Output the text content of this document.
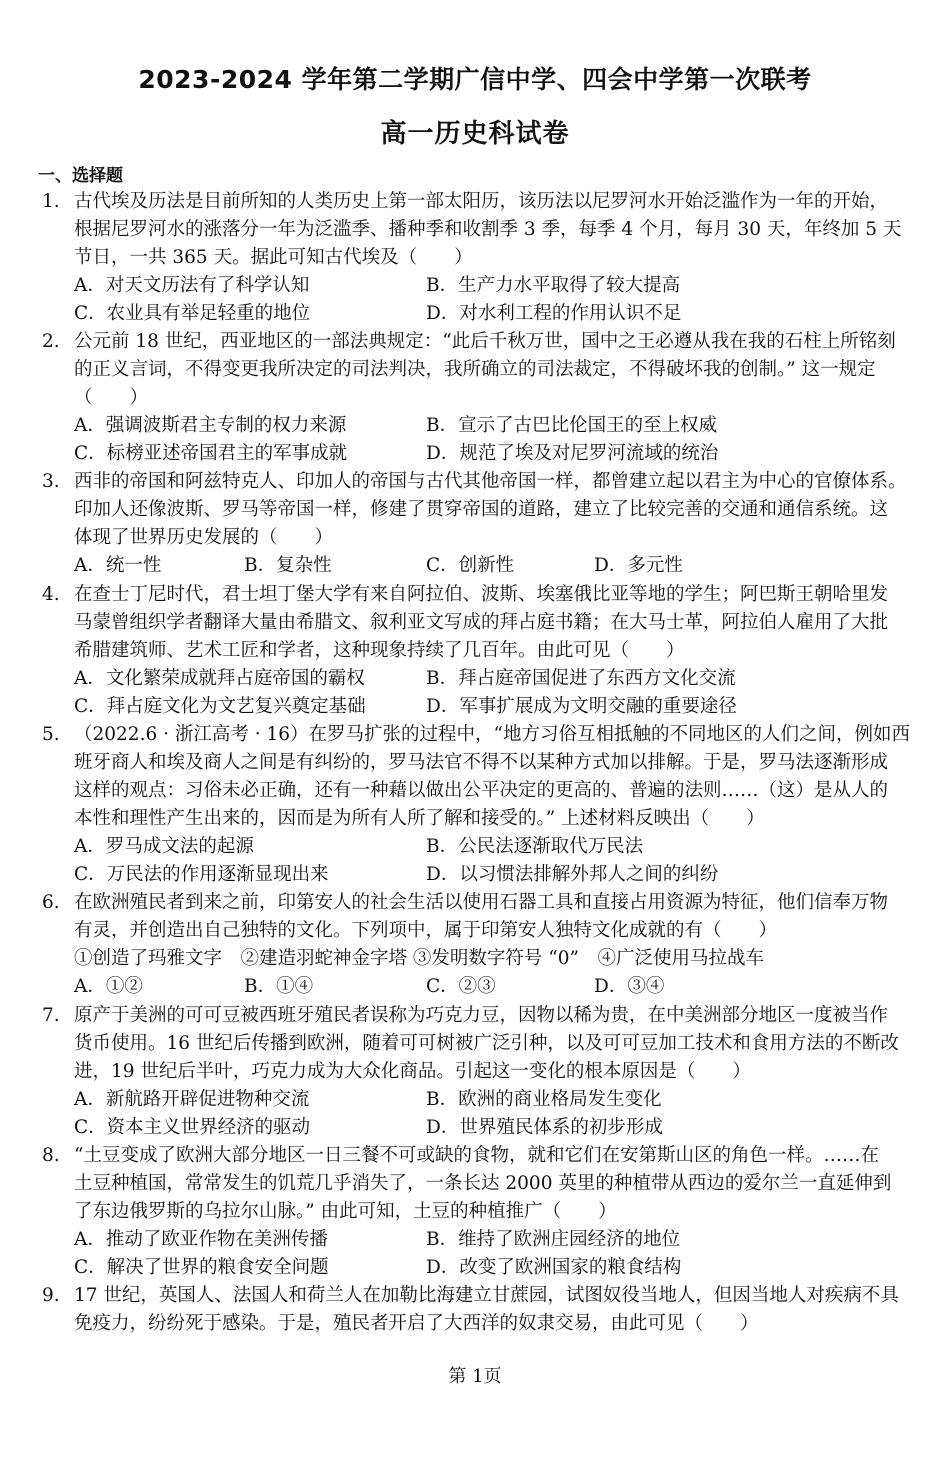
2023-2024 学年第二学期广信中学、四会中学第一次联考
高一历史科试卷
一、选择题
1. 古代埃及历法是目前所知的人类历史上第一部太阳历，该历法以尼罗河水开始泛滥作为一年的开始，
根据尼罗河水的涨落分一年为泛滥季、播种季和收割季 3 季，每季 4 个月，每月 30 天，年终加 5 天
节日，一共 365 天。据此可知古代埃及（　　）
A．对天文历法有了科学认知	B．生产力水平取得了较大提高
C．农业具有举足轻重的地位	D．对水利工程的作用认识不足
2. 公元前 18 世纪，西亚地区的一部法典规定：“此后千秋万世，国中之王必遵从我在我的石柱上所铭刻
的正义言词，不得变更我所决定的司法判决，我所确立的司法裁定，不得破坏我的创制。” 这一规定
（　　）
A．强调波斯君主专制的权力来源	B．宣示了古巴比伦国王的至上权威
C．标榜亚述帝国君主的军事成就	D．规范了埃及对尼罗河流域的统治
3. 西非的帝国和阿兹特克人、印加人的帝国与古代其他帝国一样，都曾建立起以君主为中心的官僚体系。
印加人还像波斯、罗马等帝国一样，修建了贯穿帝国的道路，建立了比较完善的交通和通信系统。这
体现了世界历史发展的（　　）
A．统一性	B．复杂性	C．创新性	D．多元性
4. 在查士丁尼时代，君士坦丁堡大学有来自阿拉伯、波斯、埃塞俄比亚等地的学生；阿巴斯王朝哈里发
马蒙曾组织学者翻译大量由希腊文、叙利亚文写成的拜占庭书籍；在大马士革，阿拉伯人雇用了大批
希腊建筑师、艺术工匠和学者，这种现象持续了几百年。由此可见（　　）
A．文化繁荣成就拜占庭帝国的霸权	B．拜占庭帝国促进了东西方文化交流
C．拜占庭文化为文艺复兴奠定基础	D．军事扩展成为文明交融的重要途径
5. （2022.6 · 浙江高考 · 16）在罗马扩张的过程中，“地方习俗互相抵触的不同地区的人们之间，例如西
班牙商人和埃及商人之间是有纠纷的，罗马法官不得不以某种方式加以排解。于是，罗马法逐渐形成
这样的观点：习俗未必正确，还有一种藉以做出公平决定的更高的、普遍的法则……（这）是从人的
本性和理性产生出来的，因而是为所有人所了解和接受的。” 上述材料反映出（　　）
A．罗马成文法的起源	B．公民法逐渐取代万民法
C．万民法的作用逐渐显现出来	D．以习惯法排解外邦人之间的纠纷
6. 在欧洲殖民者到来之前，印第安人的社会生活以使用石器工具和直接占用资源为特征，他们信奉万物
有灵，并创造出自己独特的文化。下列项中，属于印第安人独特文化成就的有（　　）
①创造了玛雅文字　②建造羽蛇神金字塔 ③发明数字符号 “0”　④广泛使用马拉战车
A．①②	B．①④	C．②③	D．③④
7. 原产于美洲的可可豆被西班牙殖民者误称为巧克力豆，因物以稀为贵，在中美洲部分地区一度被当作
货币使用。16 世纪后传播到欧洲，随着可可树被广泛引种，以及可可豆加工技术和食用方法的不断改
进，19 世纪后半叶，巧克力成为大众化商品。引起这一变化的根本原因是（　　）
A．新航路开辟促进物种交流	B．欧洲的商业格局发生变化
C．资本主义世界经济的驱动	D．世界殖民体系的初步形成
8. “土豆变成了欧洲大部分地区一日三餐不可或缺的食物，就和它们在安第斯山区的角色一样。……在
土豆种植国，常常发生的饥荒几乎消失了，一条长达 2000 英里的种植带从西边的爱尔兰一直延伸到
了东边俄罗斯的乌拉尔山脉。” 由此可知，土豆的种植推广（　　）
A．推动了欧亚作物在美洲传播	B．维持了欧洲庄园经济的地位
C．解决了世界的粮食安全问题	D．改变了欧洲国家的粮食结构
9. 17 世纪，英国人、法国人和荷兰人在加勒比海建立甘蔗园，试图奴役当地人，但因当地人对疾病不具
免疫力，纷纷死于感染。于是，殖民者开启了大西洋的奴隶交易，由此可见（　　）
第 1页
